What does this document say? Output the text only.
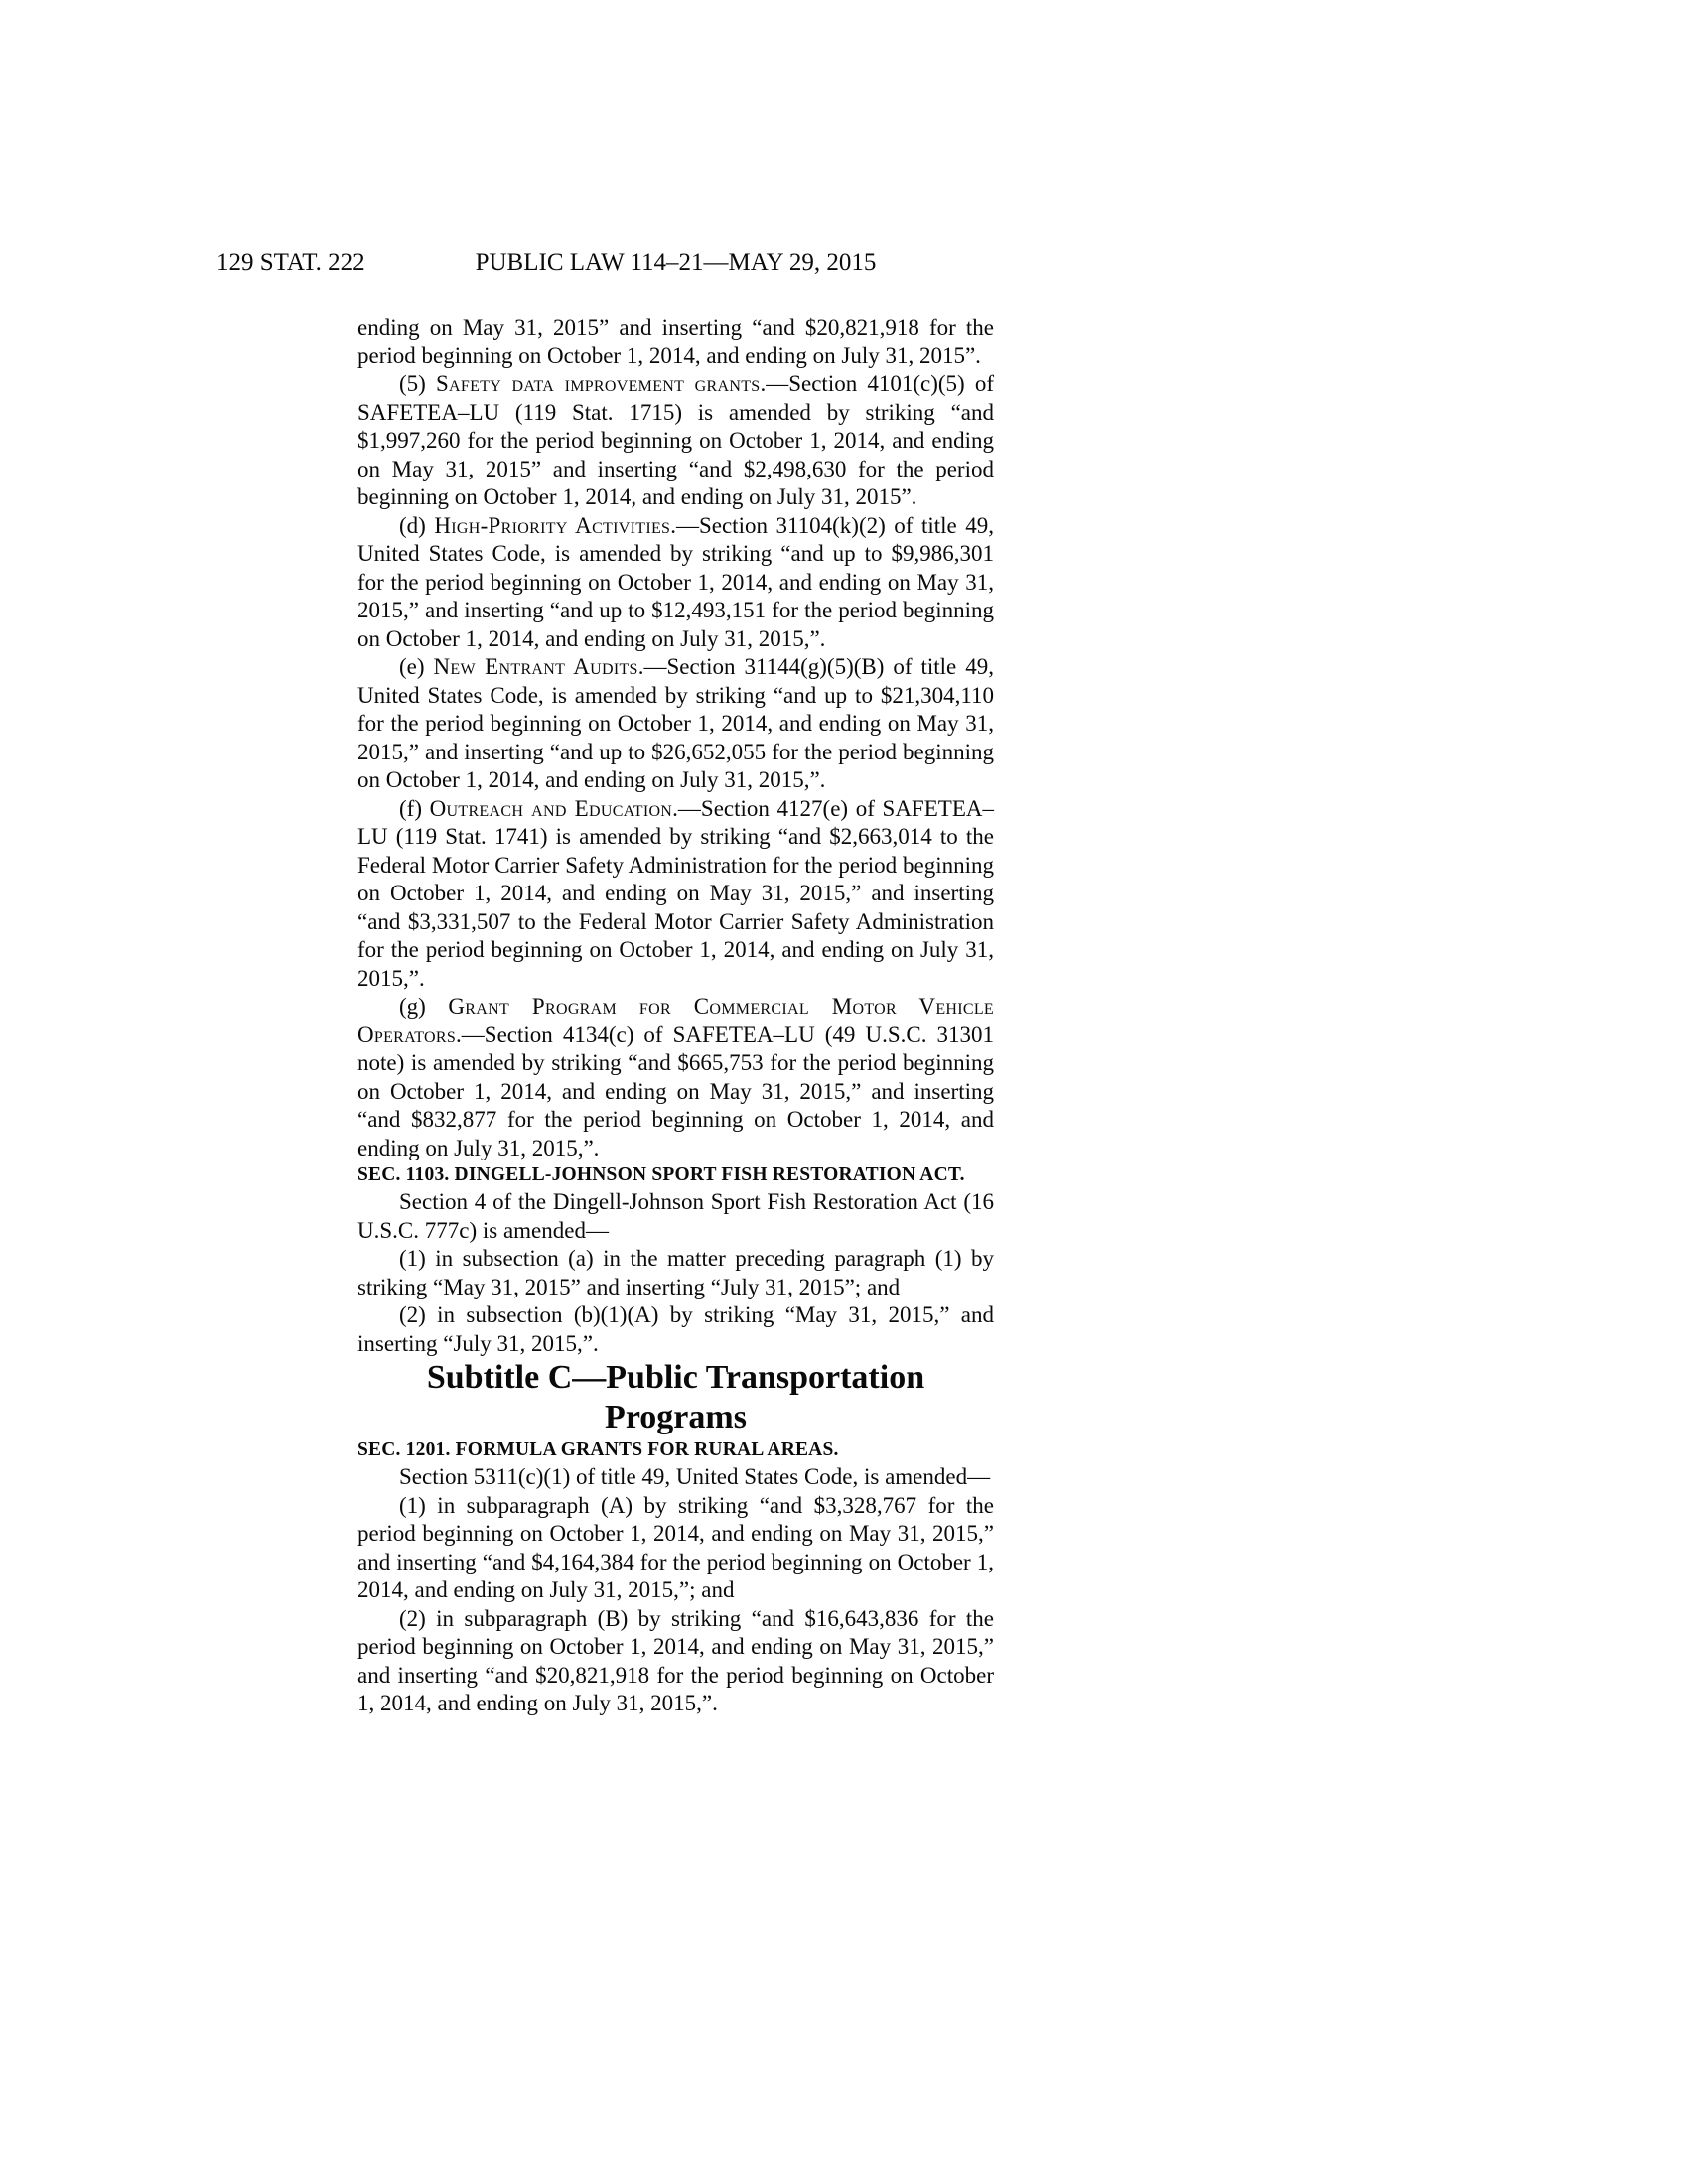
129 STAT. 222	PUBLIC LAW 114–21—MAY 29, 2015

ending on May 31, 2015” and inserting “and $20,821,918 for the period beginning on October 1, 2014, and ending on July 31, 2015”.

(5) Safety data improvement grants.—Section 4101(c)(5) of SAFETEA–LU (119 Stat. 1715) is amended by striking “and $1,997,260 for the period beginning on October 1, 2014, and ending on May 31, 2015” and inserting “and $2,498,630 for the period beginning on October 1, 2014, and ending on July 31, 2015”.

(d) High-Priority Activities.—Section 31104(k)(2) of title 49, United States Code, is amended by striking “and up to $9,986,301 for the period beginning on October 1, 2014, and ending on May 31, 2015,” and inserting “and up to $12,493,151 for the period beginning on October 1, 2014, and ending on July 31, 2015,”.

(e) New Entrant Audits.—Section 31144(g)(5)(B) of title 49, United States Code, is amended by striking “and up to $21,304,110 for the period beginning on October 1, 2014, and ending on May 31, 2015,” and inserting “and up to $26,652,055 for the period beginning on October 1, 2014, and ending on July 31, 2015,”.

(f) Outreach and Education.—Section 4127(e) of SAFETEA–LU (119 Stat. 1741) is amended by striking “and $2,663,014 to the Federal Motor Carrier Safety Administration for the period beginning on October 1, 2014, and ending on May 31, 2015,” and inserting “and $3,331,507 to the Federal Motor Carrier Safety Administration for the period beginning on October 1, 2014, and ending on July 31, 2015,”.

(g) Grant Program for Commercial Motor Vehicle Operators.—Section 4134(c) of SAFETEA–LU (49 U.S.C. 31301 note) is amended by striking “and $665,753 for the period beginning on October 1, 2014, and ending on May 31, 2015,” and inserting “and $832,877 for the period beginning on October 1, 2014, and ending on July 31, 2015,”.

SEC. 1103. DINGELL-JOHNSON SPORT FISH RESTORATION ACT.

Section 4 of the Dingell-Johnson Sport Fish Restoration Act (16 U.S.C. 777c) is amended—

(1) in subsection (a) in the matter preceding paragraph (1) by striking “May 31, 2015” and inserting “July 31, 2015”; and

(2) in subsection (b)(1)(A) by striking “May 31, 2015,” and inserting “July 31, 2015,”.

Subtitle C—Public Transportation Programs
SEC. 1201. FORMULA GRANTS FOR RURAL AREAS.

Section 5311(c)(1) of title 49, United States Code, is amended—

(1) in subparagraph (A) by striking “and $3,328,767 for the period beginning on October 1, 2014, and ending on May 31, 2015,” and inserting “and $4,164,384 for the period beginning on October 1, 2014, and ending on July 31, 2015,”; and

(2) in subparagraph (B) by striking “and $16,643,836 for the period beginning on October 1, 2014, and ending on May 31, 2015,” and inserting “and $20,821,918 for the period beginning on October 1, 2014, and ending on July 31, 2015,”.
